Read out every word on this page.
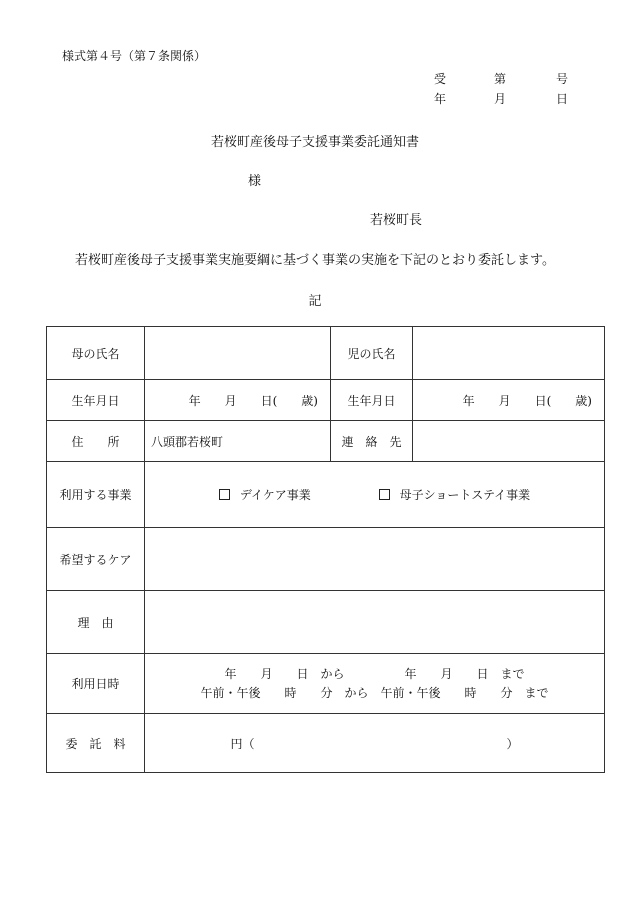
様式第４号（第７条関係）
受	第	号
年	月	日
若桜町産後母子支援事業委託通知書
様
若桜町長
若桜町産後母子支援事業実施要綱に基づく事業の実施を下記のとおり委託します。
記
母の氏名		児の氏名	
生年月日	年　　月　　日(　　歳)	生年月日	年　　月　　日(　　歳)
住　　所	八頭郡若桜町	連　絡　先	
利用する事業	デイケア事業 母子ショートステイ事業		
希望するケア			
理　由			
利用日時	年　　月　　日　から　　　　　年　　月　　日　まで
午前・午後　　時　　分　から　午前・午後　　時　　分　まで		

委　託　料	円（　　　　　　　　　　　　　　　　　　　　　）		
